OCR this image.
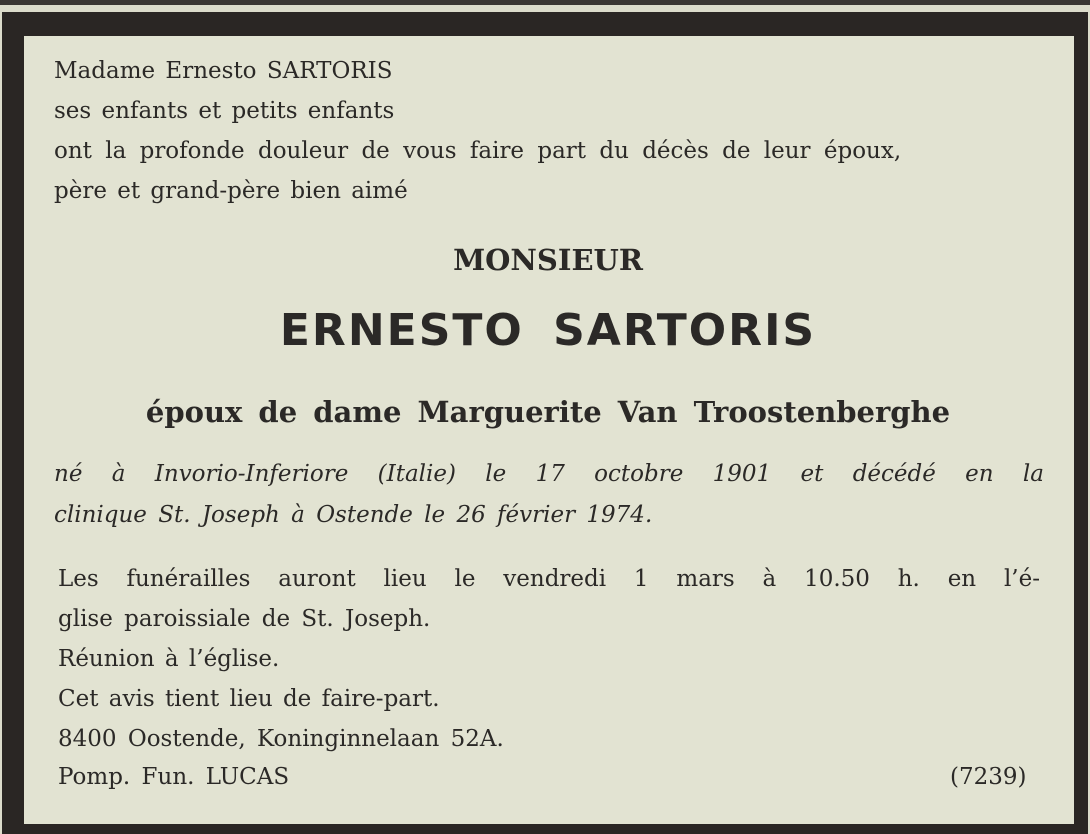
Madame Ernesto SARTORIS
ses enfants et petits enfants
ont la profonde douleur de vous faire part du décès de leur époux,
père et grand-père bien aimé
MONSIEUR
ERNESTO SARTORIS
époux de dame Marguerite Van Troostenberghe
né à Invorio-Inferiore (Italie) le 17 octobre 1901 et décédé en la
clinique St. Joseph à Ostende le 26 février 1974.
Les funérailles auront lieu le vendredi 1 mars à 10.50 h. en l’é-
glise paroissiale de St. Joseph.
Réunion à l’église.
Cet avis tient lieu de faire-part.
8400 Oostende, Koninginnelaan 52A.
Pomp. Fun. LUCAS	(7239)
